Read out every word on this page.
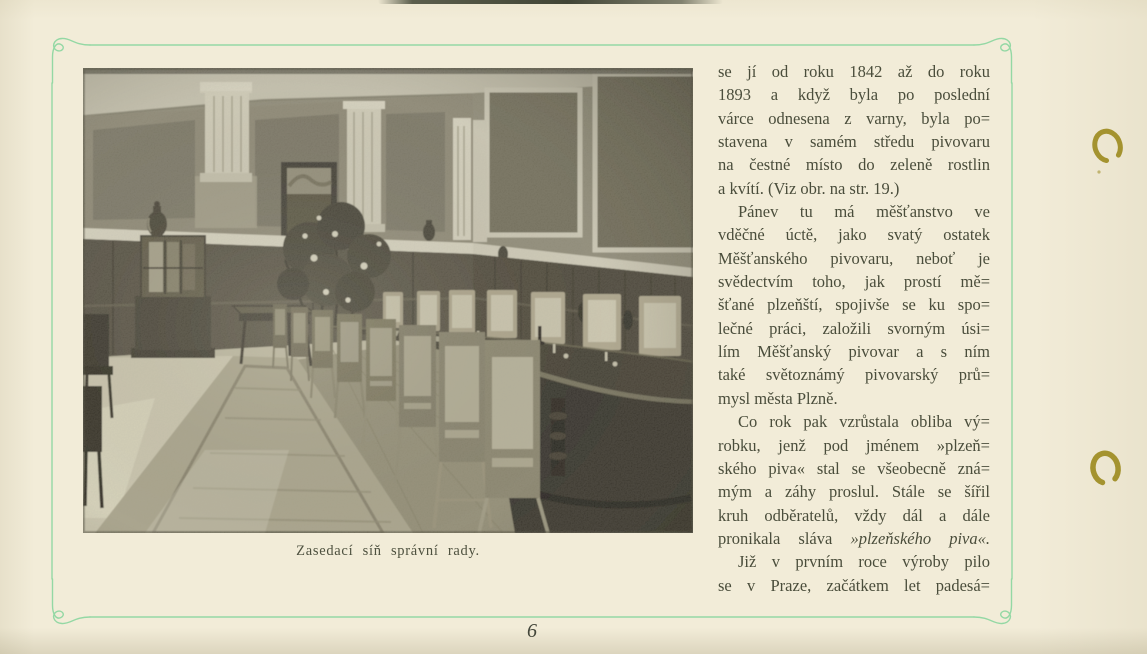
Zasedací síň správní rady.
se jí od roku 1842 až do roku
1893 a když byla po poslední
várce odnesena z varny, byla po=
stavena v samém středu pivovaru
na čestné místo do zeleně rostlin
a kvítí. (Viz obr. na str. 19.)
Pánev tu má měšťanstvo ve
vděčné úctě, jako svatý ostatek
Měšťanského pivovaru, neboť je
svědectvím toho, jak prostí mě=
šťané plzeňští, spojivše se ku spo=
lečné práci, založili svorným úsi=
lím Měšťanský pivovar a s ním
také světoznámý pivovarský prů=
mysl města Plzně.
Co rok pak vzrůstala obliba vý=
robku, jenž pod jménem »plzeň=
ského piva« stal se všeobecně zná=
mým a záhy proslul. Stále se šířil
kruh odběratelů, vždy dál a dále
pronikala sláva »plzeňského piva«.
Již v prvním roce výroby pilo
se v Praze, začátkem let padesá=
6
